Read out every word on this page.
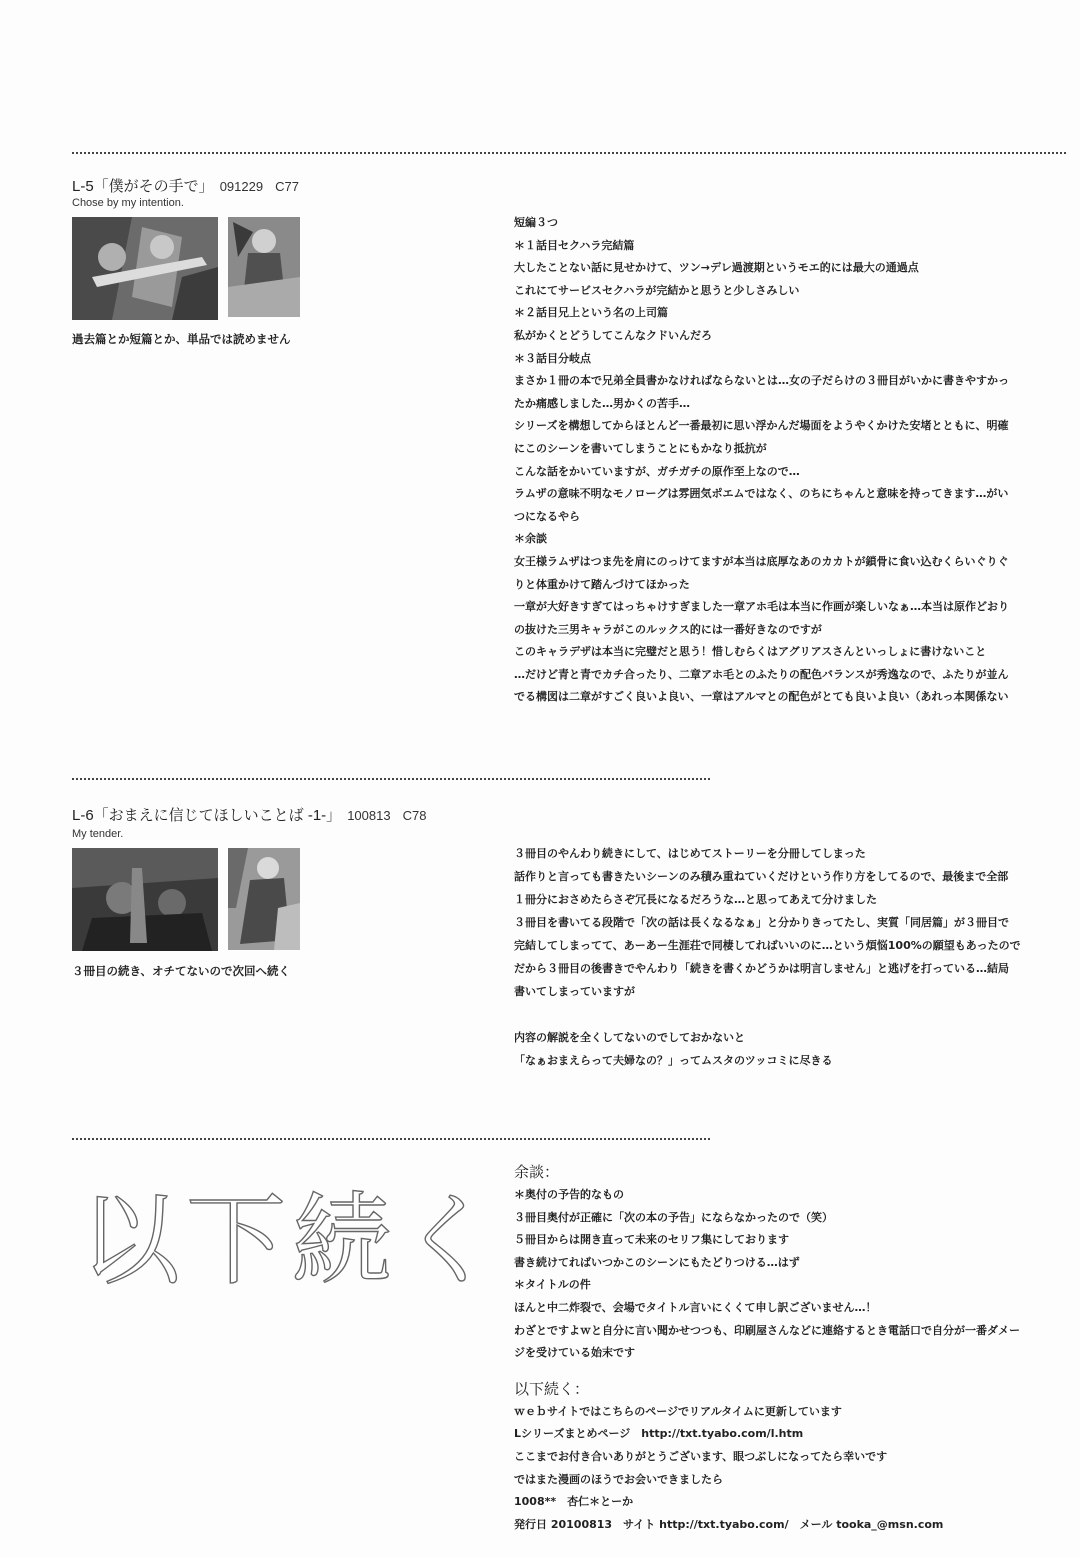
L-5「僕がその手で」 091229 C77
Chose by my intention.
過去篇とか短篇とか、単品では読めません
短編３つ
＊１話目セクハラ完結篇
大したことない話に見せかけて、ツン→デレ過渡期というモエ的には最大の通過点
これにてサービスセクハラが完結かと思うと少しさみしい
＊２話目兄上という名の上司篇
私がかくとどうしてこんなクドいんだろ
＊３話目分岐点
まさか１冊の本で兄弟全員書かなければならないとは…女の子だらけの３冊目がいかに書きやすかっ
たか痛感しました…男かくの苦手…
シリーズを構想してからほとんど一番最初に思い浮かんだ場面をようやくかけた安堵とともに、明確
にこのシーンを書いてしまうことにもかなり抵抗が
こんな話をかいていますが、ガチガチの原作至上なので…
ラムザの意味不明なモノローグは雰囲気ポエムではなく、のちにちゃんと意味を持ってきます…がい
つになるやら
＊余談
女王様ラムザはつま先を肩にのっけてますが本当は底厚なあのカカトが鎖骨に食い込むくらいぐりぐ
りと体重かけて踏んづけてほかった
一章が大好きすぎてはっちゃけすぎました一章アホ毛は本当に作画が楽しいなぁ…本当は原作どおり
の抜けた三男キャラがこのルックス的には一番好きなのですが
このキャラデザは本当に完璧だと思う！惜しむらくはアグリアスさんといっしょに書けないこと
…だけど青と青でカチ合ったり、二章アホ毛とのふたりの配色バランスが秀逸なので、ふたりが並ん
でる構図は二章がすごく良いよ良い、一章はアルマとの配色がとても良いよ良い（あれっ本関係ない
L-6「おまえに信じてほしいことば -1-」 100813 C78
My tender.
３冊目の続き、オチてないので次回へ続く
３冊目のやんわり続きにして、はじめてストーリーを分冊してしまった
話作りと言っても書きたいシーンのみ積み重ねていくだけという作り方をしてるので、最後まで全部
１冊分におさめたらさぞ冗長になるだろうな…と思ってあえて分けました
３冊目を書いてる段階で「次の話は長くなるなぁ」と分かりきってたし、実質「同居篇」が３冊目で
完結してしまってて、あーあー生涯荘で同棲してればいいのに…という煩悩100%の願望もあったので
だから３冊目の後書きでやんわり「続きを書くかどうかは明言しません」と逃げを打っている…結局
書いてしまっていますが
内容の解説を全くしてないのでしておかないと
「なぁおまえらって夫婦なの？」ってムスタのツッコミに尽きる
以下続く
余談：
＊奥付の予告的なもの
３冊目奥付が正確に「次の本の予告」にならなかったので（笑）
５冊目からは開き直って未来のセリフ集にしております
書き続けてればいつかこのシーンにもたどりつける…はず
＊タイトルの件
ほんと中二炸裂で、会場でタイトル言いにくくて申し訳ございません…！
わざとですよｗと自分に言い聞かせつつも、印刷屋さんなどに連絡するとき電話口で自分が一番ダメー
ジを受けている始末です
以下続く：
ｗｅｂサイトではこちらのページでリアルタイムに更新しています
Lシリーズまとめページ　http://txt.tyabo.com/l.htm
ここまでお付き合いありがとうございます、眼つぶしになってたら幸いです
ではまた漫画のほうでお会いできましたら
1008**　杏仁＊とーか
発行日 20100813　サイト http://txt.tyabo.com/　メール tooka_@msn.com
